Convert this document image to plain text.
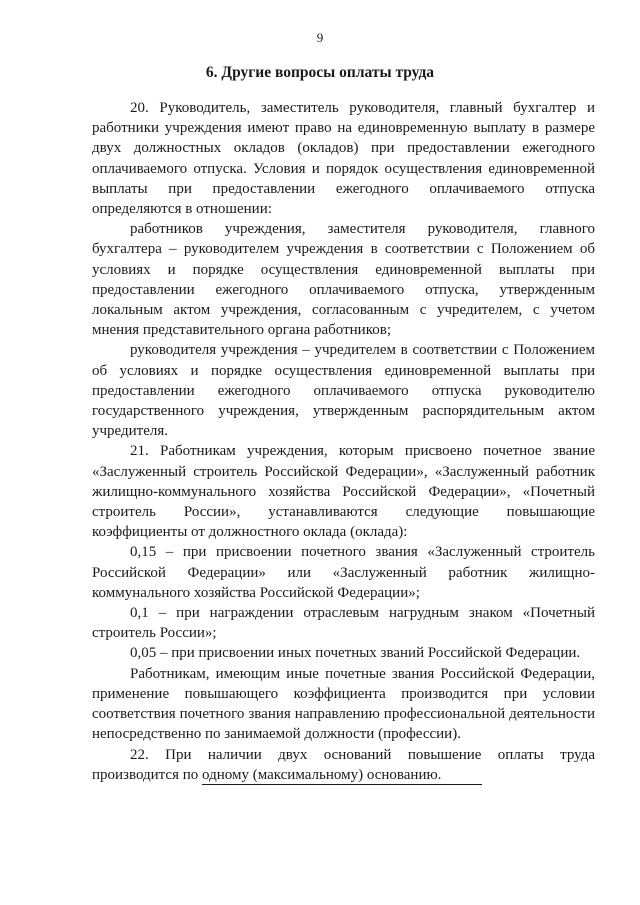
9
6. Другие вопросы оплаты труда

20. Руководитель, заместитель руководителя, главный бухгалтер и работники учреждения имеют право на единовременную выплату в размере двух должностных окладов (окладов) при предоставлении ежегодного оплачиваемого отпуска. Условия и порядок осуществления единовременной выплаты при предоставлении ежегодного оплачиваемого отпуска определяются в отношении:

работников учреждения, заместителя руководителя, главного бухгалтера – руководителем учреждения в соответствии с Положением об условиях и порядке осуществления единовременной выплаты при предоставлении ежегодного оплачиваемого отпуска, утвержденным локальным актом учреждения, согласованным с учредителем, с учетом мнения представительного органа работников;

руководителя учреждения – учредителем в соответствии с Положением об условиях и порядке осуществления единовременной выплаты при предоставлении ежегодного оплачиваемого отпуска руководителю государственного учреждения, утвержденным распорядительным актом учредителя.

21. Работникам учреждения, которым присвоено почетное звание «Заслуженный строитель Российской Федерации», «Заслуженный работник жилищно-коммунального хозяйства Российской Федерации», «Почетный строитель России», устанавливаются следующие повышающие коэффициенты от должностного оклада (оклада):

0,15 – при присвоении почетного звания «Заслуженный строитель Российской Федерации» или «Заслуженный работник жилищно-коммунального хозяйства Российской Федерации»;

0,1 – при награждении отраслевым нагрудным знаком «Почетный строитель России»;

0,05 – при присвоении иных почетных званий Российской Федерации.

Работникам, имеющим иные почетные звания Российской Федерации, применение повышающего коэффициента производится при условии соответствия почетного звания направлению профессиональной деятельности непосредственно по занимаемой должности (профессии).

22. При наличии двух оснований повышение оплаты труда производится по одному (максимальному) основанию.
